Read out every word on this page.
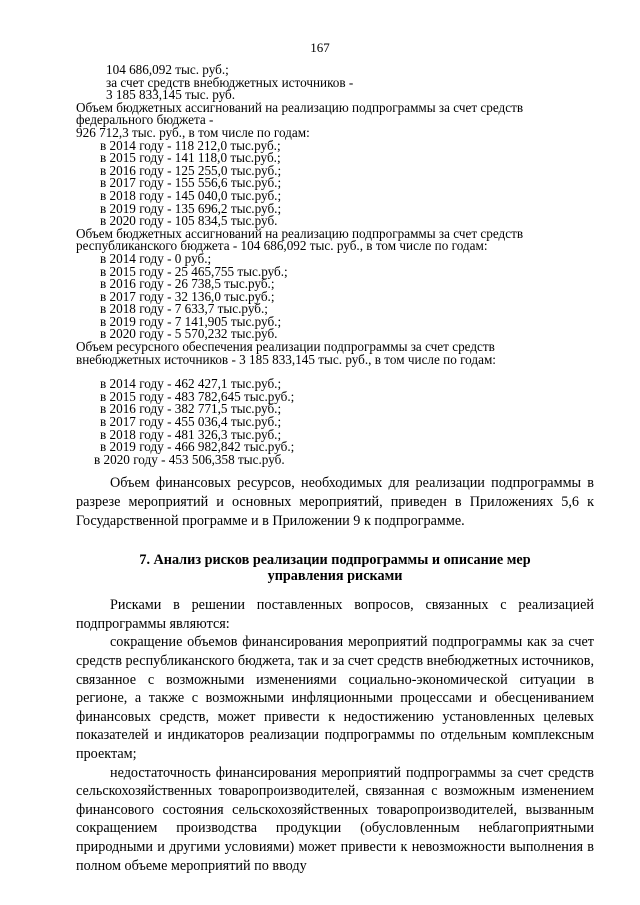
167
104 686,092 тыс. руб.;
за счет средств внебюджетных источников -
3 185 833,145 тыс. руб.
Объем бюджетных ассигнований на реализацию подпрограммы за счет средств
федерального бюджета -
926 712,3 тыс. руб., в том числе по годам:
в 2014 году - 118 212,0 тыс.руб.;
в 2015 году - 141 118,0 тыс.руб.;
в 2016 году - 125 255,0 тыс.руб.;
в 2017 году - 155 556,6 тыс.руб.;
в 2018 году - 145 040,0 тыс.руб.;
в 2019 году - 135 696,2 тыс.руб.;
в 2020 году - 105 834,5 тыс.руб.
Объем бюджетных ассигнований на реализацию подпрограммы за счет средств
республиканского бюджета - 104 686,092 тыс. руб., в том числе по годам:
в 2014 году - 0 руб.;
в 2015 году - 25 465,755 тыс.руб.;
в 2016 году - 26 738,5 тыс.руб.;
в 2017 году - 32 136,0 тыс.руб.;
в 2018 году - 7 633,7 тыс.руб.;
в 2019 году - 7 141,905 тыс.руб.;
в 2020 году - 5 570,232 тыс.руб.
Объем ресурсного обеспечения реализации подпрограммы за счет средств
внебюджетных источников - 3 185 833,145 тыс. руб., в том числе по годам:
в 2014 году - 462 427,1 тыс.руб.;
в 2015 году - 483 782,645 тыс.руб.;
в 2016 году - 382 771,5 тыс.руб.;
в 2017 году - 455 036,4 тыс.руб.;
в 2018 году - 481 326,3 тыс.руб.;
в 2019 году - 466 982,842 тыс.руб.;
в 2020 году - 453 506,358 тыс.руб.

Объем финансовых ресурсов, необходимых для реализации подпрограммы в разрезе мероприятий и основных мероприятий, приведен в Приложениях 5,6 к Государственной программе и в Приложении 9 к подпрограмме.

7. Анализ рисков реализации подпрограммы и описание мер
управления рисками

Рисками в решении поставленных вопросов, связанных с реализацией подпрограммы являются:

сокращение объемов финансирования мероприятий подпрограммы как за счет средств республиканского бюджета, так и за счет средств внебюджетных источников, связанное с возможными изменениями социально-экономической ситуации в регионе, а также с возможными инфляционными процессами и обесцениванием финансовых средств, может привести к недостижению установленных целевых показателей и индикаторов реализации подпрограммы по отдельным комплексным проектам;

недостаточность финансирования мероприятий подпрограммы за счет средств сельскохозяйственных товаропроизводителей, связанная с возможным изменением финансового состояния сельскохозяйственных товаропроизводителей, вызванным сокращением производства продукции (обусловленным неблагоприятными природными и другими условиями) может привести к невозможности выполнения в полном объеме мероприятий по вводу
